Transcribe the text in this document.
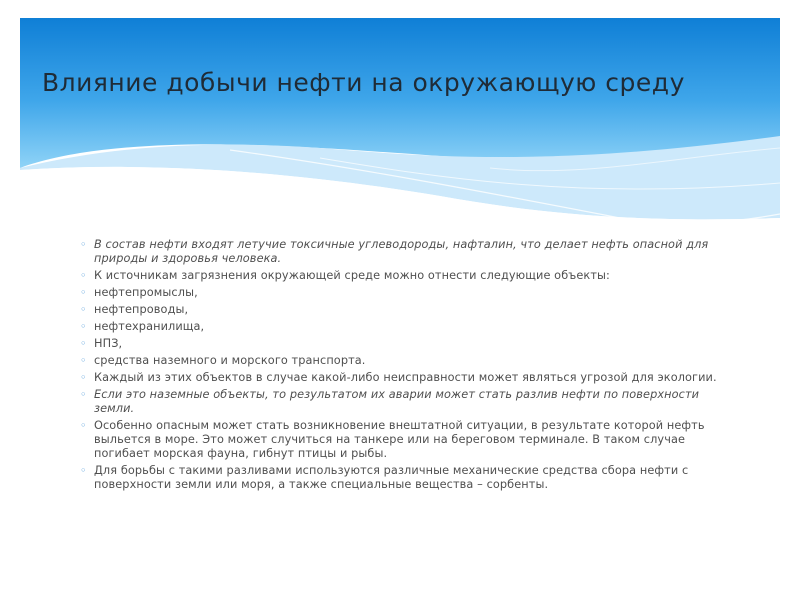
Влияние добычи нефти на окружающую среду
◦ В состав нефти входят летучие токсичные углеводороды, нафталин, что делает нефть опасной для природы и здоровья человека.
◦ К источникам загрязнения окружающей среде можно отнести следующие объекты:
◦ нефтепромыслы,
◦ нефтепроводы,
◦ нефтехранилища,
◦ НПЗ,
◦ средства наземного и морского транспорта.
◦ Каждый из этих объектов в случае какой-либо неисправности может являться угрозой для экологии.
◦ Если это наземные объекты, то результатом их аварии может стать разлив нефти по поверхности земли.
◦ Особенно опасным может стать возникновение внештатной ситуации, в результате которой нефть выльется в море. Это может случиться на танкере или на береговом терминале. В таком случае погибает морская фауна, гибнут птицы и рыбы.
◦ Для борьбы с такими разливами используются различные механические средства сбора нефти с поверхности земли или моря, а также специальные вещества – сорбенты.
